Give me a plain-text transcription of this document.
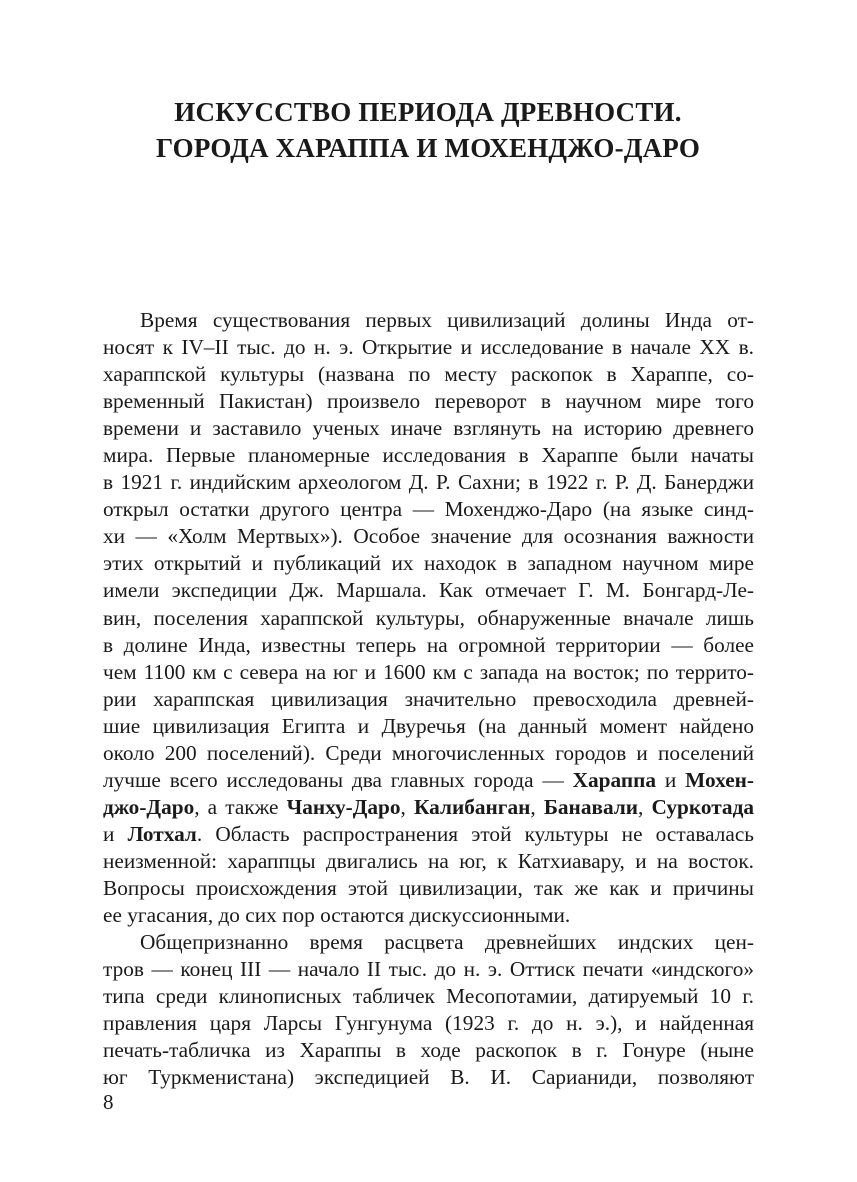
ИСКУССТВО ПЕРИОДА ДРЕВНОСТИ.
ГОРОДА ХАРАППА И МОХЕНДЖО-ДАРО
Время существования первых цивилизаций долины Инда от-
носят к IV–II тыс. до н. э. Открытие и исследование в начале XX в.
хараппской культуры (названа по месту раскопок в Хараппе, со-
временный Пакистан) произвело переворот в научном мире того
времени и заставило ученых иначе взглянуть на историю древнего
мира. Первые планомерные исследования в Хараппе были начаты
в 1921 г. индийским археологом Д. Р. Сахни; в 1922 г. Р. Д. Банерджи
открыл остатки другого центра — Мохенджо-Даро (на языке синд-
хи — «Холм Мертвых»). Особое значение для осознания важности
этих открытий и публикаций их находок в западном научном мире
имели экспедиции Дж. Маршала. Как отмечает Г. М. Бонгард-Ле-
вин, поселения хараппской культуры, обнаруженные вначале лишь
в долине Инда, известны теперь на огромной территории — более
чем 1100 км с севера на юг и 1600 км с запада на восток; по террито-
рии хараппская цивилизация значительно превосходила древней-
шие цивилизация Египта и Двуречья (на данный момент найдено
около 200 поселений). Среди многочисленных городов и поселений
лучше всего исследованы два главных города — Хараппа и Мохен-
джо-Даро, а также Чанху-Даро, Калибанган, Банавали, Суркотада
и Лотхал. Область распространения этой культуры не оставалась
неизменной: хараппцы двигались на юг, к Катхиавару, и на восток.
Вопросы происхождения этой цивилизации, так же как и причины
ее угасания, до сих пор остаются дискуссионными.
Общепризнанно время расцвета древнейших индских цен-
тров — конец III — начало II тыс. до н. э. Оттиск печати «индского»
типа среди клинописных табличек Месопотамии, датируемый 10 г.
правления царя Ларсы Гунгунума (1923 г. до н. э.), и найденная
печать-табличка из Хараппы в ходе раскопок в г. Гонуре (ныне
юг Туркменистана) экспедицией В. И. Сарианиди, позволяют
8
